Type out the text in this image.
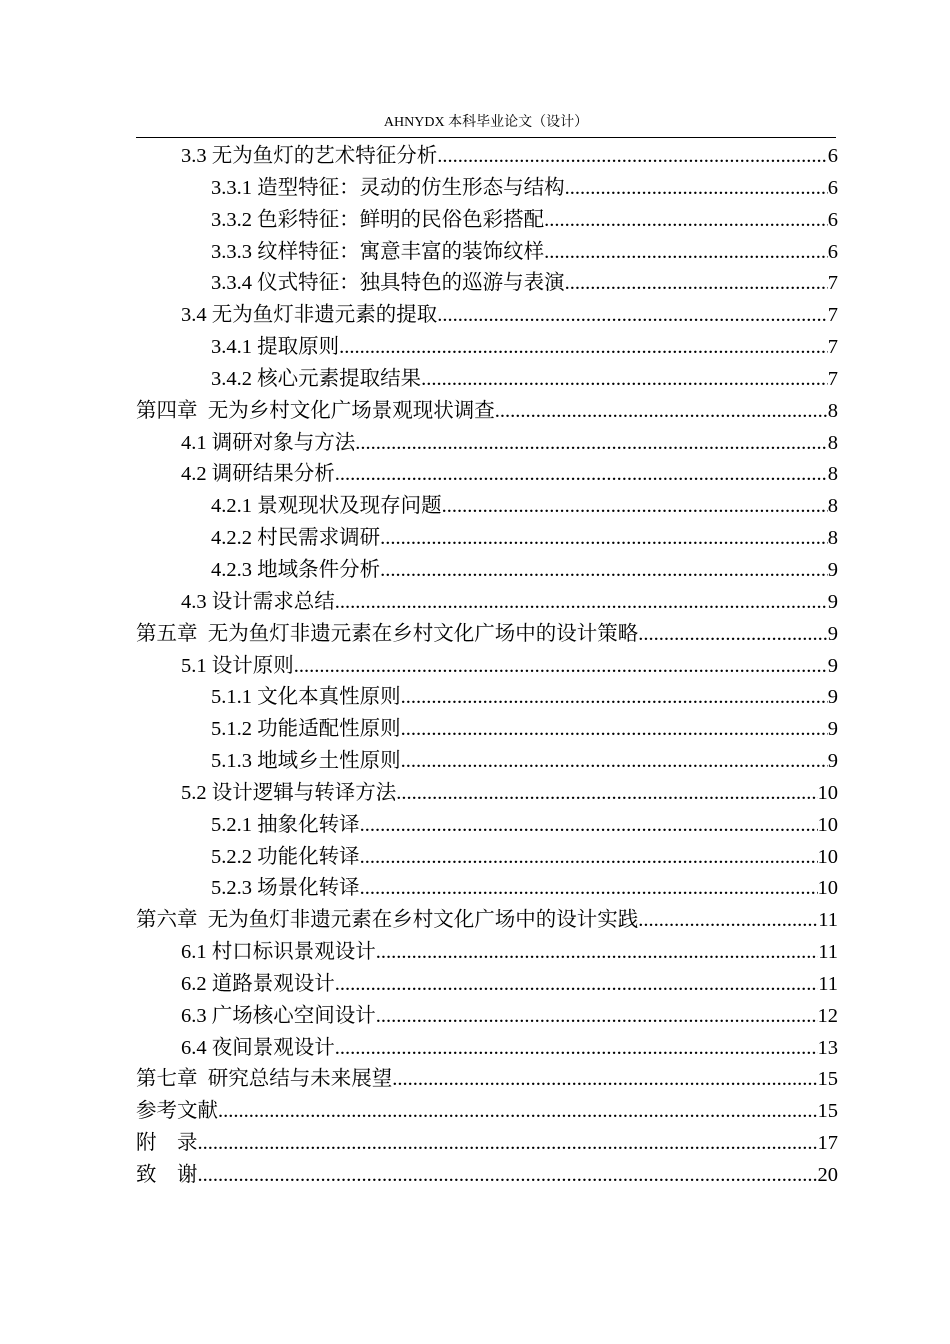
AHNYDX 本科毕业论文（设计）
3.3 无为鱼灯的艺术特征分析 .....	6
3.3.1 造型特征：灵动的仿生形态与结构 .....	6
3.3.2 色彩特征：鲜明的民俗色彩搭配 .....	6
3.3.3 纹样特征：寓意丰富的装饰纹样 .....	6
3.3.4 仪式特征：独具特色的巡游与表演 .....	7
3.4 无为鱼灯非遗元素的提取 .....	7
3.4.1 提取原则 .....	7
3.4.2 核心元素提取结果 .....	7
第四章  无为乡村文化广场景观现状调查 .....	8
4.1 调研对象与方法 .....	8
4.2 调研结果分析 .....	8
4.2.1 景观现状及现存问题 .....	8
4.2.2 村民需求调研 .....	8
4.2.3 地域条件分析 .....	9
4.3 设计需求总结 .....	9
第五章  无为鱼灯非遗元素在乡村文化广场中的设计策略 .....	9
5.1 设计原则 .....	9
5.1.1 文化本真性原则 .....	9
5.1.2 功能适配性原则 .....	9
5.1.3 地域乡土性原则 .....	9
5.2 设计逻辑与转译方法 .....	10
5.2.1 抽象化转译 .....	10
5.2.2 功能化转译 .....	10
5.2.3 场景化转译 .....	10
第六章  无为鱼灯非遗元素在乡村文化广场中的设计实践 .....	11
6.1 村口标识景观设计 .....	11
6.2 道路景观设计 .....	11
6.3 广场核心空间设计 .....	12
6.4 夜间景观设计 .....	13
第七章  研究总结与未来展望 .....	15
参考文献 .....	15
附    录 .....	17
致    谢 .....	20
